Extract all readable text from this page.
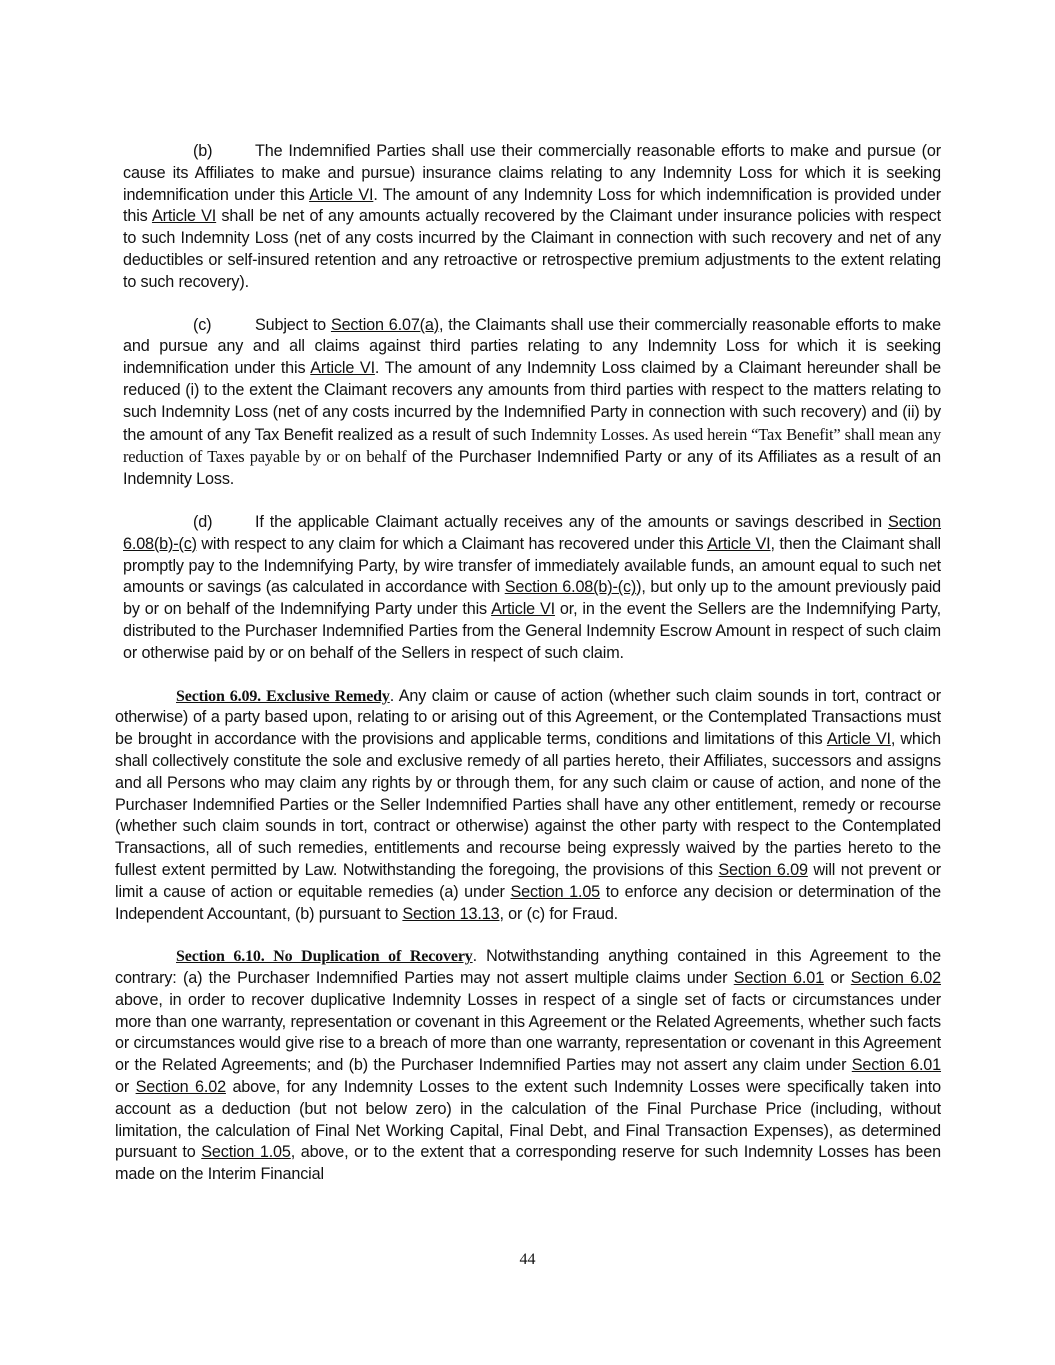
(b)	The Indemnified Parties shall use their commercially reasonable efforts to make and pursue (or cause its Affiliates to make and pursue) insurance claims relating to any Indemnity Loss for which it is seeking indemnification under this Article VI. The amount of any Indemnity Loss for which indemnification is provided under this Article VI shall be net of any amounts actually recovered by the Claimant under insurance policies with respect to such Indemnity Loss (net of any costs incurred by the Claimant in connection with such recovery and net of any deductibles or self-insured retention and any retroactive or retrospective premium adjustments to the extent relating to such recovery).

(c)	Subject to Section 6.07(a), the Claimants shall use their commercially reasonable efforts to make and pursue any and all claims against third parties relating to any Indemnity Loss for which it is seeking indemnification under this Article VI. The amount of any Indemnity Loss claimed by a Claimant hereunder shall be reduced (i) to the extent the Claimant recovers any amounts from third parties with respect to the matters relating to such Indemnity Loss (net of any costs incurred by the Indemnified Party in connection with such recovery) and (ii) by the amount of any Tax Benefit realized as a result of such Indemnity Losses. As used herein “Tax Benefit” shall mean any reduction of Taxes payable by or on behalf of the Purchaser Indemnified Party or any of its Affiliates as a result of an Indemnity Loss.

(d)	If the applicable Claimant actually receives any of the amounts or savings described in Section 6.08(b)-(c) with respect to any claim for which a Claimant has recovered under this Article VI, then the Claimant shall promptly pay to the Indemnifying Party, by wire transfer of immediately available funds, an amount equal to such net amounts or savings (as calculated in accordance with Section 6.08(b)-(c)), but only up to the amount previously paid by or on behalf of the Indemnifying Party under this Article VI or, in the event the Sellers are the Indemnifying Party, distributed to the Purchaser Indemnified Parties from the General Indemnity Escrow Amount in respect of such claim or otherwise paid by or on behalf of the Sellers in respect of such claim.

Section 6.09. Exclusive Remedy. Any claim or cause of action (whether such claim sounds in tort, contract or otherwise) of a party based upon, relating to or arising out of this Agreement, or the Contemplated Transactions must be brought in accordance with the provisions and applicable terms, conditions and limitations of this Article VI, which shall collectively constitute the sole and exclusive remedy of all parties hereto, their Affiliates, successors and assigns and all Persons who may claim any rights by or through them, for any such claim or cause of action, and none of the Purchaser Indemnified Parties or the Seller Indemnified Parties shall have any other entitlement, remedy or recourse (whether such claim sounds in tort, contract or otherwise) against the other party with respect to the Contemplated Transactions, all of such remedies, entitlements and recourse being expressly waived by the parties hereto to the fullest extent permitted by Law. Notwithstanding the foregoing, the provisions of this Section 6.09 will not prevent or limit a cause of action or equitable remedies (a) under Section 1.05 to enforce any decision or determination of the Independent Accountant, (b) pursuant to Section 13.13, or (c) for Fraud.

Section 6.10. No Duplication of Recovery. Notwithstanding anything contained in this Agreement to the contrary: (a) the Purchaser Indemnified Parties may not assert multiple claims under Section 6.01 or Section 6.02 above, in order to recover duplicative Indemnity Losses in respect of a single set of facts or circumstances under more than one warranty, representation or covenant in this Agreement or the Related Agreements, whether such facts or circumstances would give rise to a breach of more than one warranty, representation or covenant in this Agreement or the Related Agreements; and (b) the Purchaser Indemnified Parties may not assert any claim under Section 6.01 or Section 6.02 above, for any Indemnity Losses to the extent such Indemnity Losses were specifically taken into account as a deduction (but not below zero) in the calculation of the Final Purchase Price (including, without limitation, the calculation of Final Net Working Capital, Final Debt, and Final Transaction Expenses), as determined pursuant to Section 1.05, above, or to the extent that a corresponding reserve for such Indemnity Losses has been made on the Interim Financial

44
